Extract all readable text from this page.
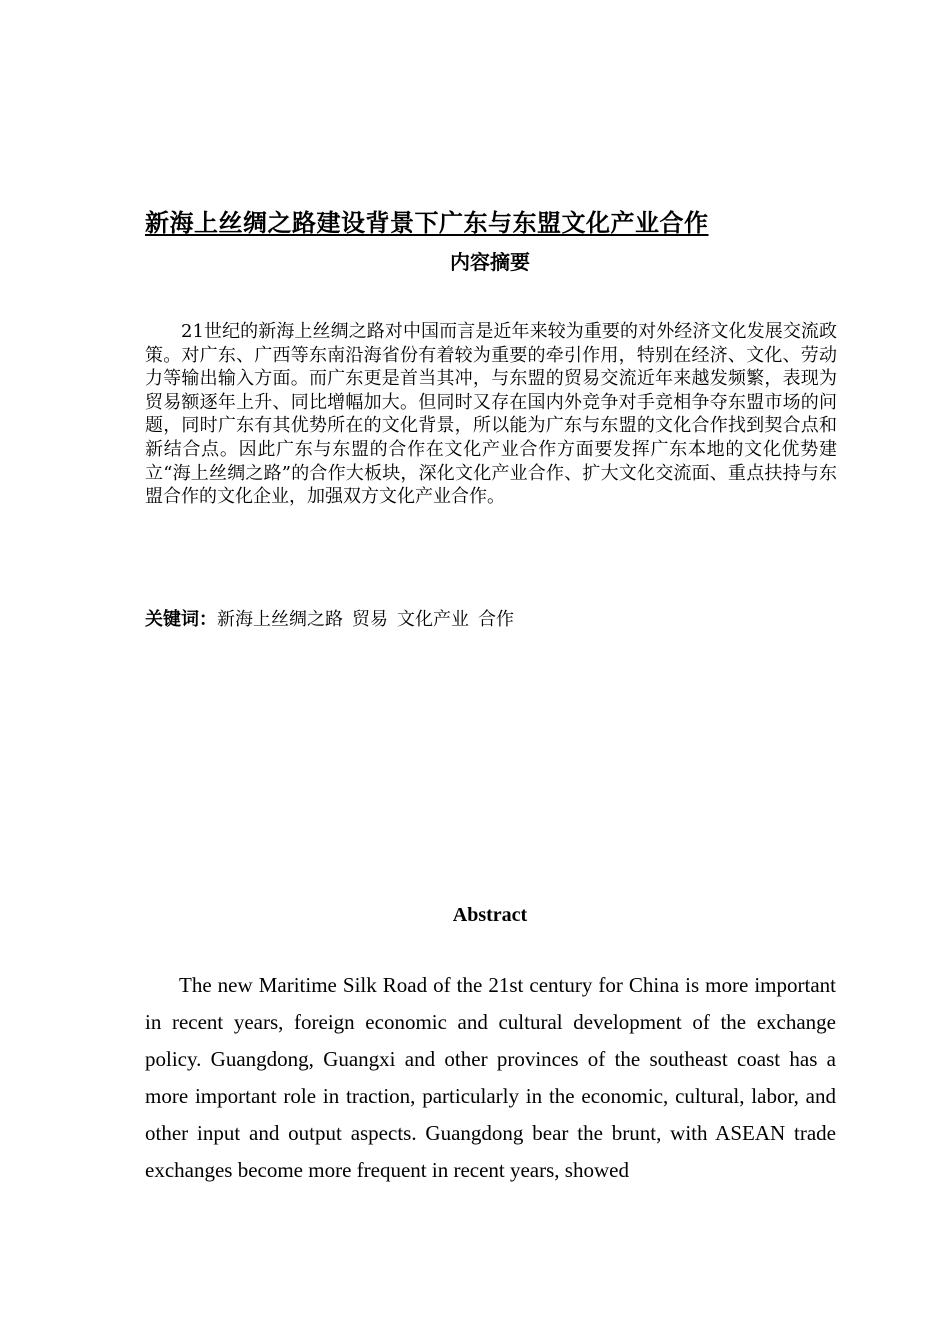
新海上丝绸之路建设背景下广东与东盟文化产业合作
内容摘要

21世纪的新海上丝绸之路对中国而言是近年来较为重要的对外经济文化发展交流政策。对广东、广西等东南沿海省份有着较为重要的牵引作用，特别在经济、文化、劳动力等输出输入方面。而广东更是首当其冲，与东盟的贸易交流近年来越发频繁，表现为贸易额逐年上升、同比增幅加大。但同时又存在国内外竞争对手竞相争夺东盟市场的问题，同时广东有其优势所在的文化背景，所以能为广东与东盟的文化合作找到契合点和新结合点。因此广东与东盟的合作在文化产业合作方面要发挥广东本地的文化优势建立“海上丝绸之路”的合作大板块，深化文化产业合作、扩大文化交流面、重点扶持与东盟合作的文化企业，加强双方文化产业合作。

关键词：新海上丝绸之路 贸易 文化产业 合作
Abstract

The new Maritime Silk Road of the 21st century for China is more important in recent years, foreign economic and cultural development of the exchange policy. Guangdong, Guangxi and other provinces of the southeast coast has a more important role in traction, particularly in the economic, cultural, labor, and other input and output aspects. Guangdong bear the brunt, with ASEAN trade exchanges become more frequent in recent years, showed
